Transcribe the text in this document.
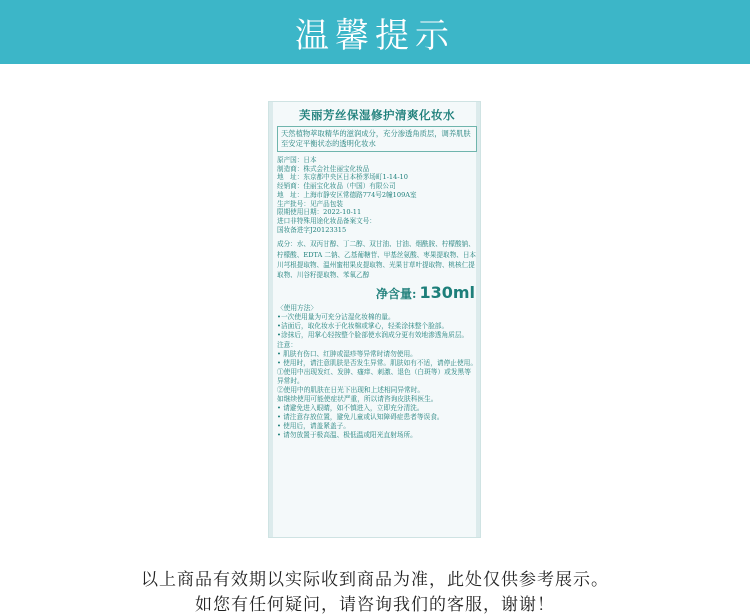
温馨提示
芙丽芳丝保湿修护清爽化妆水
天然植物萃取精华的滋润成分，充分渗透角质层，调养肌肤至安定平衡状态的透明化妆水
原产国：日本
制造商：株式会社佳丽宝化妆品
地　址：东京都中央区日本桥茅场町1-14-10
经销商：佳丽宝化妆品（中国）有限公司
地　址：上海市静安区常德路774号2幢109A室
生产批号：见产品包装
限期使用日期：2022-10-11
进口非特殊用途化妆品备案文号：
国妆备进字J20123315
成分：水、双丙甘醇、丁二醇、双甘油、甘油、烟酰胺、柠檬酸钠、柠檬酸、EDTA 二钠、乙基葡糖苷、甲基丝氨酸、枣果提取物、日本川芎根提取物、温州蜜柑果皮提取物、光果甘草叶提取物、桃核仁提取物、川谷籽提取物、苯氧乙醇
净含量: 130ml
〈使用方法〉
•一次使用量为可充分沾湿化妆棉的量。
•洁面后，取化妆水于化妆棉或掌心，轻柔涂抹整个脸部。
•涂抹后，用掌心轻按整个脸部使水润成分更有效地渗透角质层。
注意：
• 肌肤有伤口、红肿或湿疹等异常时请勿使用。
• 使用时，请注意肌肤是否发生异常。肌肤如有不适，请停止使用。
①使用中出现发红、发肿、瘙痒、刺激、退色（白斑等）或发黑等异常时。
②使用中的肌肤在日光下出现和上述相同异常时。
如继续使用可能使症状严重，所以请咨询皮肤科医生。
• 请避免进入眼睛，如不慎进入，立即充分清洗。
• 请注意存放位置，避免儿童或认知障碍症患者等误食。
• 使用后，请盖紧盖子。
• 请勿放置于极高温、极低温或阳光直射场所。
以上商品有效期以实际收到商品为准，此处仅供参考展示。
如您有任何疑问，请咨询我们的客服，谢谢！
